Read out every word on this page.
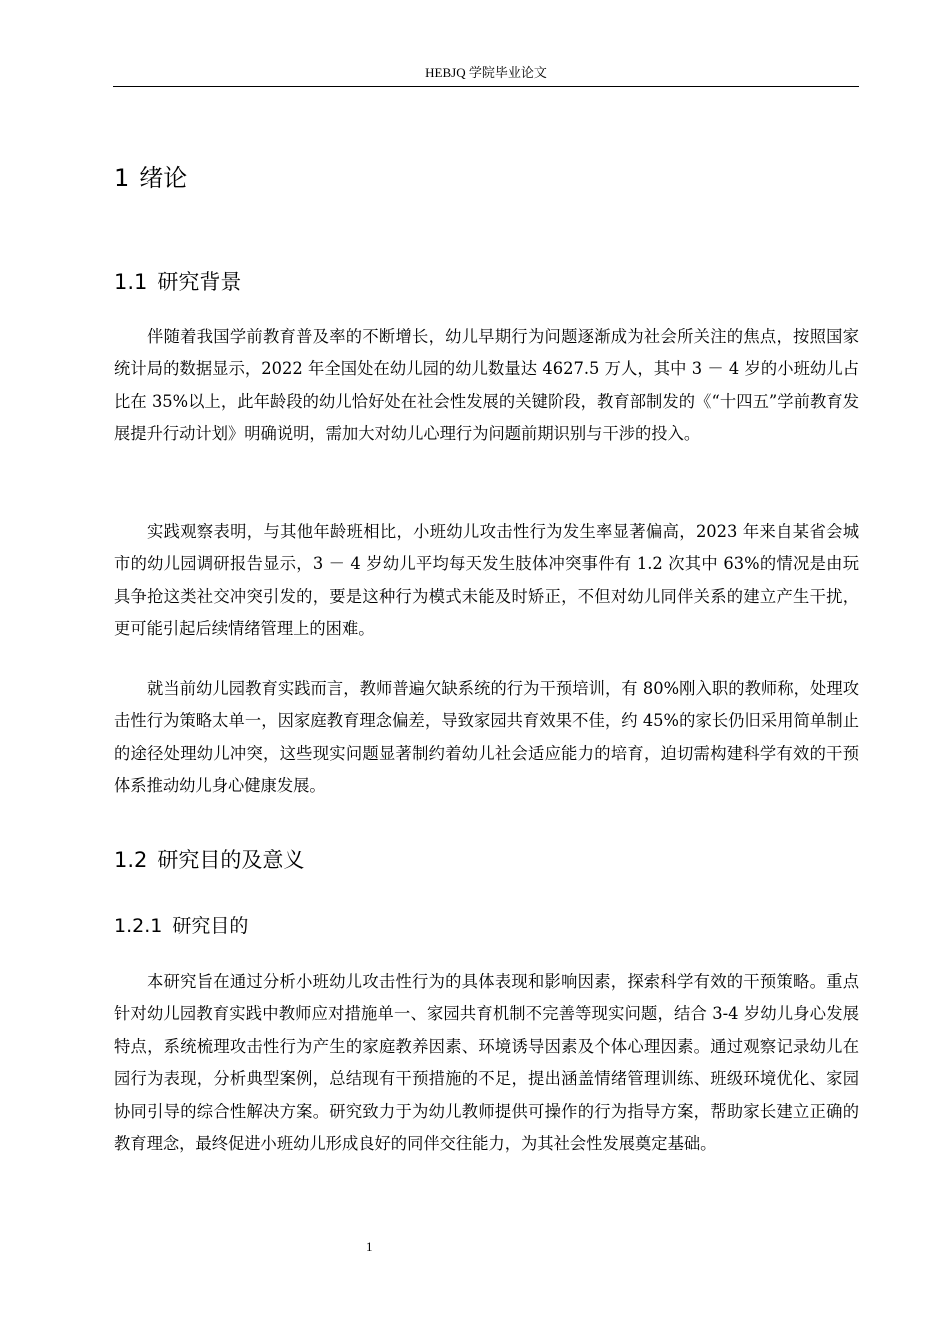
HEBJQ 学院毕业论文
1 绪论
1.1 研究背景

伴随着我国学前教育普及率的不断增长，幼儿早期行为问题逐渐成为社会所关注的焦点，按照国家统计局的数据显示，2022 年全国处在幼儿园的幼儿数量达 4627.5 万人，其中 3 － 4 岁的小班幼儿占比在 35%以上，此年龄段的幼儿恰好处在社会性发展的关键阶段，教育部制发的《“十四五”学前教育发展提升行动计划》明确说明，需加大对幼儿心理行为问题前期识别与干涉的投入。

实践观察表明，与其他年龄班相比，小班幼儿攻击性行为发生率显著偏高，2023 年来自某省会城市的幼儿园调研报告显示，3 － 4 岁幼儿平均每天发生肢体冲突事件有 1.2 次其中 63%的情况是由玩具争抢这类社交冲突引发的，要是这种行为模式未能及时矫正，不但对幼儿同伴关系的建立产生干扰，更可能引起后续情绪管理上的困难。

就当前幼儿园教育实践而言，教师普遍欠缺系统的行为干预培训，有 80%刚入职的教师称，处理攻击性行为策略太单一，因家庭教育理念偏差，导致家园共育效果不佳，约 45%的家长仍旧采用简单制止的途径处理幼儿冲突，这些现实问题显著制约着幼儿社会适应能力的培育，迫切需构建科学有效的干预体系推动幼儿身心健康发展。

1.2 研究目的及意义
1.2.1 研究目的

本研究旨在通过分析小班幼儿攻击性行为的具体表现和影响因素，探索科学有效的干预策略。重点针对幼儿园教育实践中教师应对措施单一、家园共育机制不完善等现实问题，结合 3-4 岁幼儿身心发展特点，系统梳理攻击性行为产生的家庭教养因素、环境诱导因素及个体心理因素。通过观察记录幼儿在园行为表现，分析典型案例，总结现有干预措施的不足，提出涵盖情绪管理训练、班级环境优化、家园协同引导的综合性解决方案。研究致力于为幼儿教师提供可操作的行为指导方案，帮助家长建立正确的教育理念，最终促进小班幼儿形成良好的同伴交往能力，为其社会性发展奠定基础。

1
